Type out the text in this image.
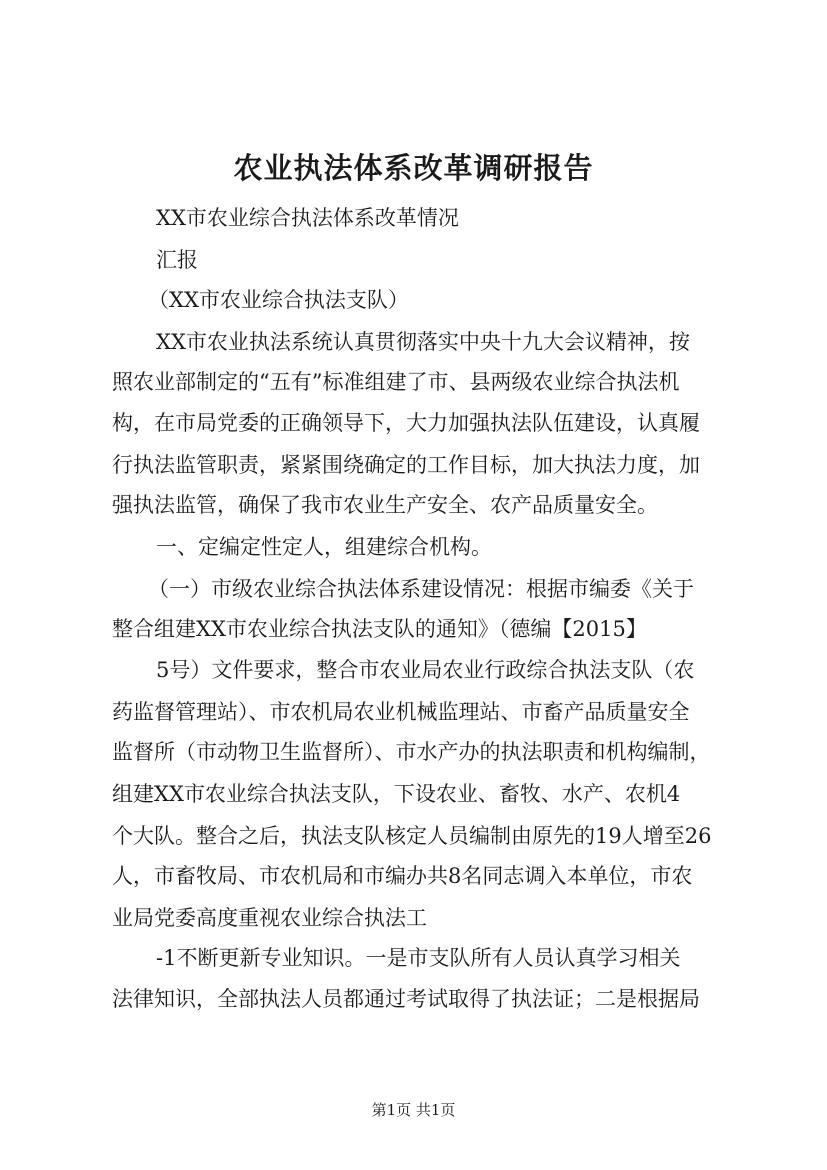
农业执法体系改革调研报告
XX市农业综合执法体系改革情况
汇报
（XX市农业综合执法支队）
XX市农业执法系统认真贯彻落实中央十九大会议精神，按
照农业部制定的“五有”标准组建了市、县两级农业综合执法机
构，在市局党委的正确领导下，大力加强执法队伍建设，认真履
行执法监管职责，紧紧围绕确定的工作目标，加大执法力度，加
强执法监管，确保了我市农业生产安全、农产品质量安全。
一、定编定性定人，组建综合机构。
（一）市级农业综合执法体系建设情况：根据市编委《关于
整合组建XX市农业综合执法支队的通知》（德编【2015】
5号）文件要求，整合市农业局农业行政综合执法支队（农
药监督管理站）、市农机局农业机械监理站、市畜产品质量安全
监督所（市动物卫生监督所）、市水产办的执法职责和机构编制，
组建XX市农业综合执法支队，下设农业、畜牧、水产、农机4
个大队。整合之后，执法支队核定人员编制由原先的19人增至26
人，市畜牧局、市农机局和市编办共8名同志调入本单位，市农
业局党委高度重视农业综合执法工
-1不断更新专业知识。一是市支队所有人员认真学习相关
法律知识，全部执法人员都通过考试取得了执法证；二是根据局
第1页 共1页
